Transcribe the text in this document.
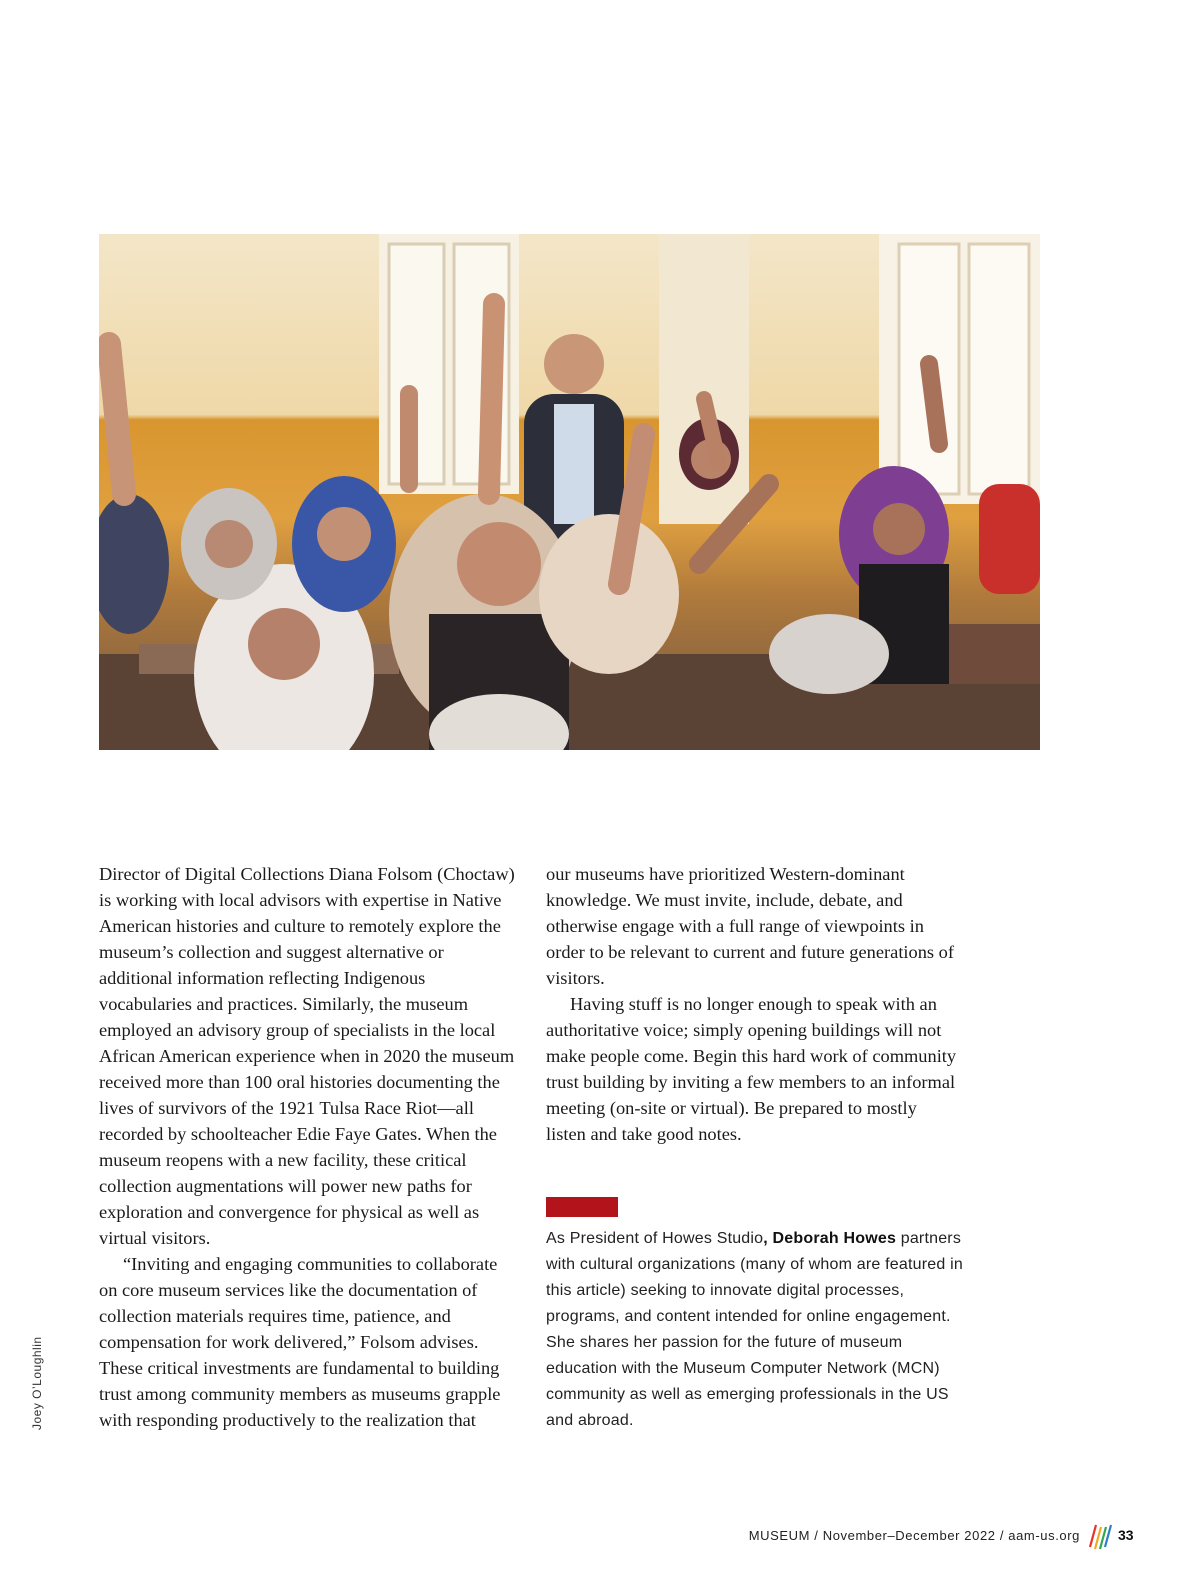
Joey O’Loughlin

Director of Digital Collections Diana Folsom (Choctaw) is working with local advisors with expertise in Native American histories and culture to remotely explore the museum’s collection and suggest alternative or additional information reflecting Indigenous vocabularies and practices. Similarly, the museum employed an advisory group of specialists in the local African American experience when in 2020 the museum received more than 100 oral histories documenting the lives of survivors of the 1921 Tulsa Race Riot—all recorded by schoolteacher Edie Faye Gates. When the museum reopens with a new facility, these critical collection augmentations will power new paths for exploration and convergence for physical as well as virtual visitors.

“Inviting and engaging communities to collaborate on core museum services like the documentation of collection materials requires time, patience, and compensation for work delivered,” Folsom advises. These critical investments are fundamental to building trust among community members as museums grapple with responding productively to the realization that

our museums have prioritized Western-dominant knowledge. We must invite, include, debate, and otherwise engage with a full range of viewpoints in order to be relevant to current and future generations of visitors.

Having stuff is no longer enough to speak with an authoritative voice; simply opening buildings will not make people come. Begin this hard work of community trust building by inviting a few members to an informal meeting (on-site or virtual). Be prepared to mostly listen and take good notes.

As President of Howes Studio, Deborah Howes partners with cultural organizations (many of whom are featured in this article) seeking to innovate digital processes, programs, and content intended for online engagement. She shares her passion for the future of museum education with the Museum Computer Network (MCN) community as well as emerging professionals in the US and abroad.
MUSEUM / November–December 2022 / aam-us.org	33
